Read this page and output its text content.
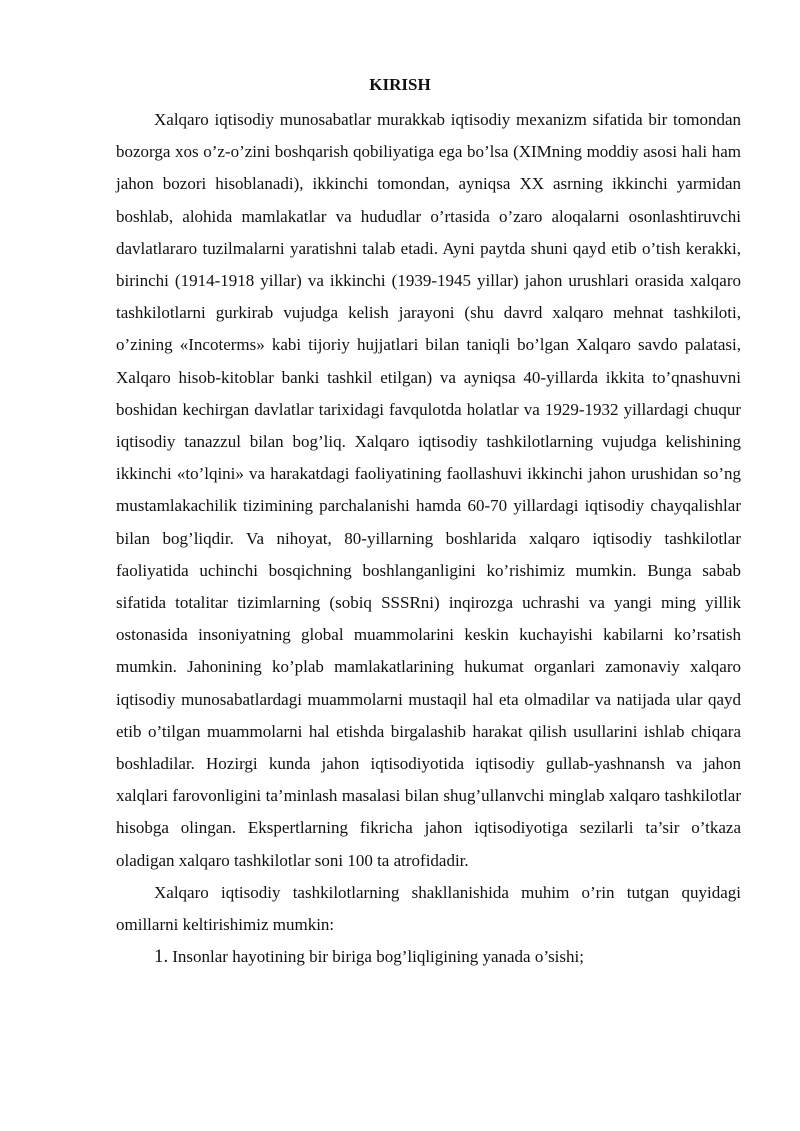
KIRISH

Xalqaro iqtisodiy munosabatlar murakkab iqtisodiy mexanizm sifatida bir tomondan bozorga xos o’z-o’zini boshqarish qobiliyatiga ega bo’lsa (XIMning moddiy asosi hali ham jahon bozori hisoblanadi), ikkinchi tomondan, ayniqsa XX asrning ikkinchi yarmidan boshlab, alohida mamlakatlar va hududlar o’rtasida o’zaro aloqalarni osonlashtiruvchi davlatlararo tuzilmalarni yaratishni talab etadi. Ayni paytda shuni qayd etib o’tish kerakki, birinchi (1914-1918 yillar) va ikkinchi (1939-1945 yillar) jahon urushlari orasida xalqaro tashkilotlarni gurkirab vujudga kelish jarayoni (shu davrd xalqaro mehnat tashkiloti, o’zining «Incoterms» kabi tijoriy hujjatlari bilan taniqli bo’lgan Xalqaro savdo palatasi, Xalqaro hisob-kitoblar banki tashkil etilgan) va ayniqsa 40-yillarda ikkita to’qnashuvni boshidan kechirgan davlatlar tarixidagi favqulotda holatlar va 1929-1932 yillardagi chuqur iqtisodiy tanazzul bilan bog’liq. Xalqaro iqtisodiy tashkilotlarning vujudga kelishining ikkinchi «to’lqini» va harakatdagi faoliyatining faollashuvi ikkinchi jahon urushidan so’ng mustamlakachilik tizimining parchalanishi hamda 60-70 yillardagi iqtisodiy chayqalishlar bilan bog’liqdir. Va nihoyat, 80-yillarning boshlarida xalqaro iqtisodiy tashkilotlar faoliyatida uchinchi bosqichning boshlanganligini ko’rishimiz mumkin. Bunga sabab sifatida totalitar tizimlarning (sobiq SSSRni) inqirozga uchrashi va yangi ming yillik ostonasida insoniyatning global muammolarini keskin kuchayishi kabilarni ko’rsatish mumkin. Jahonining ko’plab mamlakatlarining hukumat organlari zamonaviy xalqaro iqtisodiy munosabatlardagi muammolarni mustaqil hal eta olmadilar va natijada ular qayd etib o’tilgan muammolarni hal etishda birgalashib harakat qilish usullarini ishlab chiqara boshladilar. Hozirgi kunda jahon iqtisodiyotida iqtisodiy gullab-yashnansh va jahon xalqlari farovonligini ta’minlash masalasi bilan shug’ullanvchi minglab xalqaro tashkilotlar hisobga olingan. Ekspertlarning fikricha jahon iqtisodiyotiga sezilarli ta’sir o’tkaza oladigan xalqaro tashkilotlar soni 100 ta atrofidadir.

Xalqaro iqtisodiy tashkilotlarning shakllanishida muhim o’rin tutgan quyidagi omillarni keltirishimiz mumkin:

1. Insonlar hayotining bir biriga bog’liqligining yanada o’sishi;
